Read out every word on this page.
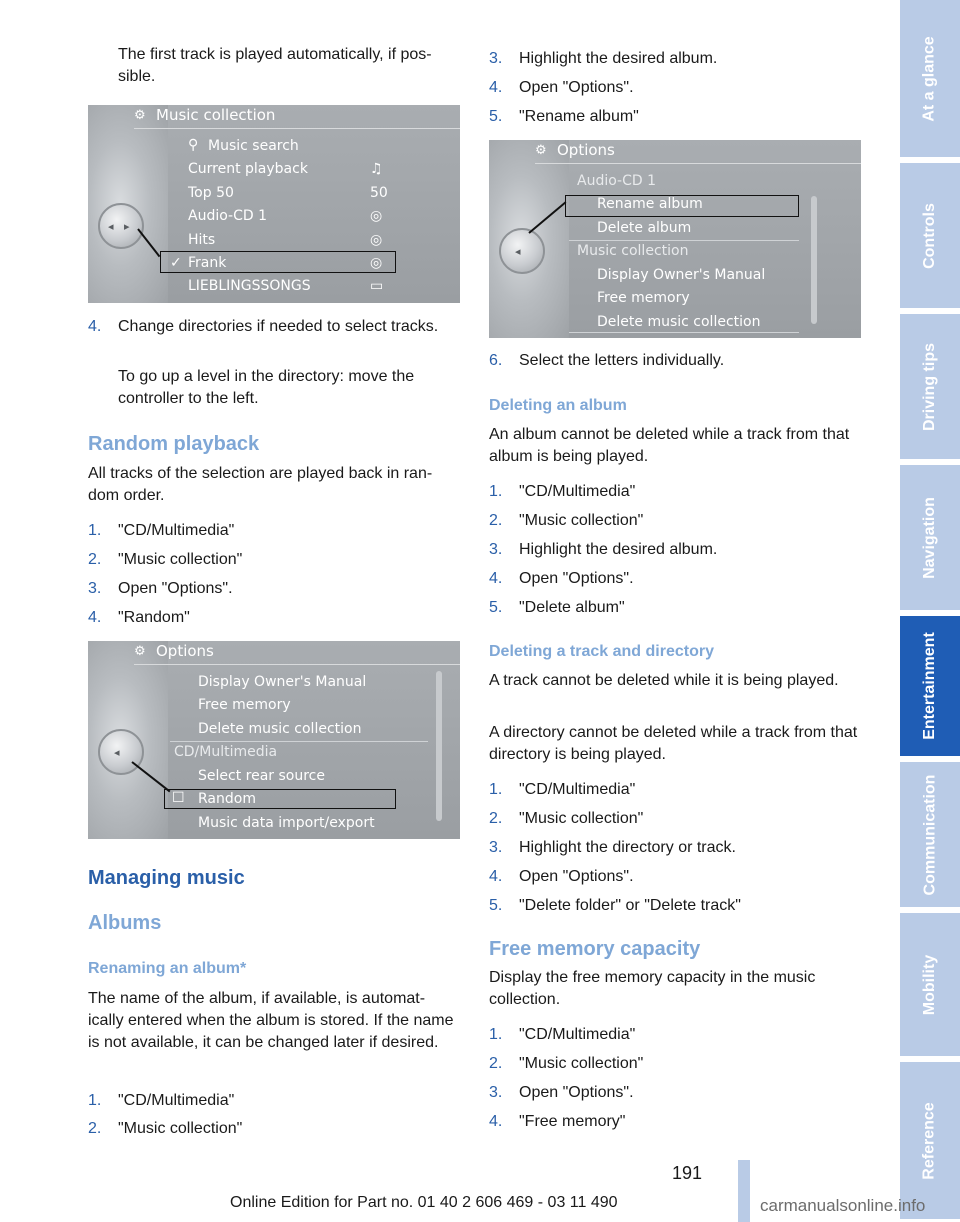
The first track is played automatically, if pos-sible.
◂ ▸
⚙ Music collection
⚲ Music search
Current playback
Top 50
Audio-CD 1
Hits
✓ Frank
LIEBLINGSSONGS
♫
50
◎
◎
◎
▭
4. Change directories if needed to select tracks.
To go up a level in the directory: move the controller to the left.
Random playback
All tracks of the selection are played back in ran-dom order.
1. "CD/Multimedia"
2. "Music collection"
3. Open "Options".
4. "Random"
◂
⚙ Options
Display Owner's Manual
Free memory
Delete music collection
CD/Multimedia
Select rear source
☐ Random
Music data import/export
Managing music
Albums
Renaming an album*
The name of the album, if available, is automat-ically entered when the album is stored. If the name is not available, it can be changed later if desired.
1. "CD/Multimedia"
2. "Music collection"
3. Highlight the desired album.
4. Open "Options".
5. "Rename album"
◂
⚙ Options
Audio-CD 1
Rename album
Delete album
Music collection
Display Owner's Manual
Free memory
Delete music collection
6. Select the letters individually.
Deleting an album
An album cannot be deleted while a track from that album is being played.
1. "CD/Multimedia"
2. "Music collection"
3. Highlight the desired album.
4. Open "Options".
5. "Delete album"
Deleting a track and directory
A track cannot be deleted while it is being played.
A directory cannot be deleted while a track from that directory is being played.
1. "CD/Multimedia"
2. "Music collection"
3. Highlight the directory or track.
4. Open "Options".
5. "Delete folder" or "Delete track"
Free memory capacity
Display the free memory capacity in the music collection.
1. "CD/Multimedia"
2. "Music collection"
3. Open "Options".
4. "Free memory"
At a glance
Controls
Driving tips
Navigation
Entertainment
Communication
Mobility
Reference
191
Online Edition for Part no. 01 40 2 606 469 - 03 11 490	carmanualsonline.info
